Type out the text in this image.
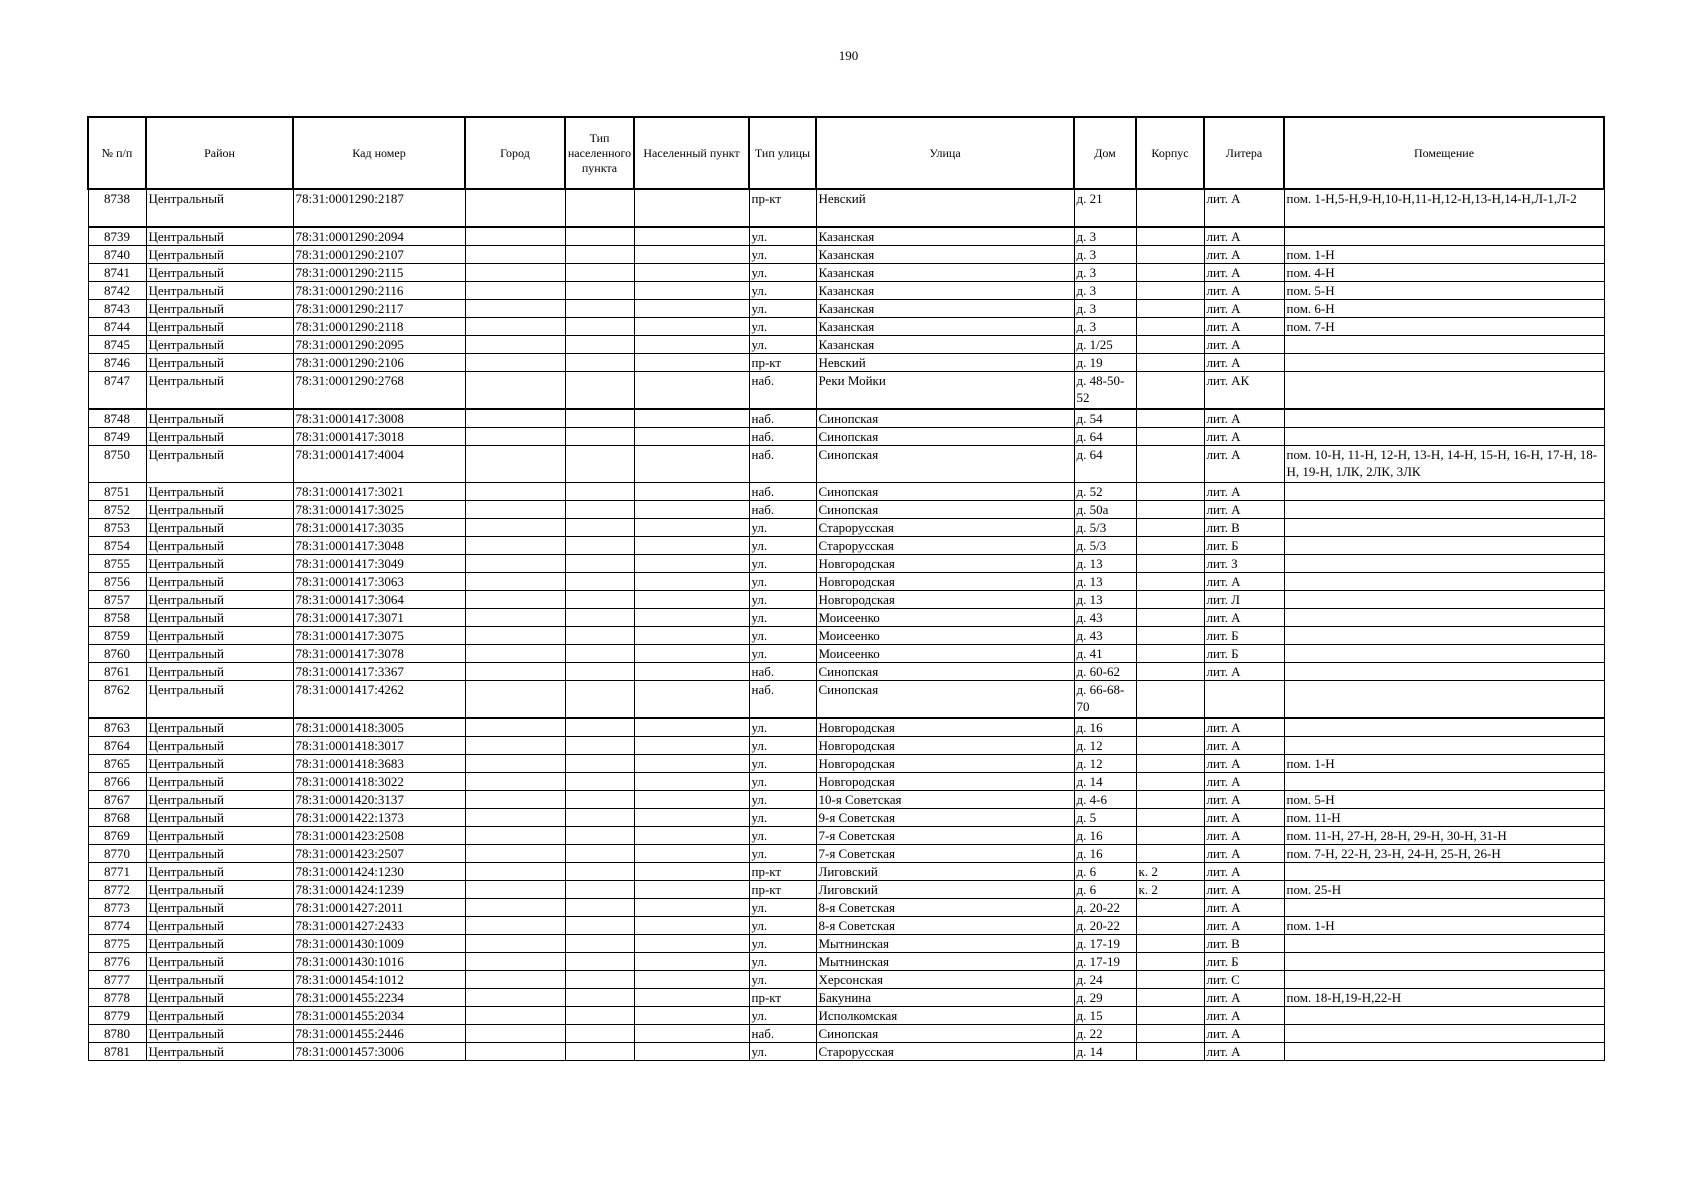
190
№ п/п	Район	Кад номер	Город	Тип населенного пункта	Населенный пункт	Тип улицы	Улица	Дом	Корпус	Литера	Помещение
8738	Центральный	78:31:0001290:2187				пр-кт	Невский	д. 21		лит. А	пом. 1-Н,5-Н,9-Н,10-Н,11-Н,12-Н,13-Н,14-Н,Л-1,Л-2
8739	Центральный	78:31:0001290:2094				ул.	Казанская	д. 3		лит. А	
8740	Центральный	78:31:0001290:2107				ул.	Казанская	д. 3		лит. А	пом. 1-Н
8741	Центральный	78:31:0001290:2115				ул.	Казанская	д. 3		лит. А	пом. 4-Н
8742	Центральный	78:31:0001290:2116				ул.	Казанская	д. 3		лит. А	пом. 5-Н
8743	Центральный	78:31:0001290:2117				ул.	Казанская	д. 3		лит. А	пом. 6-Н
8744	Центральный	78:31:0001290:2118				ул.	Казанская	д. 3		лит. А	пом. 7-Н
8745	Центральный	78:31:0001290:2095				ул.	Казанская	д. 1/25		лит. А	
8746	Центральный	78:31:0001290:2106				пр-кт	Невский	д. 19		лит. А	
8747	Центральный	78:31:0001290:2768				наб.	Реки Мойки	д. 48-50-52		лит. АК	
8748	Центральный	78:31:0001417:3008				наб.	Синопская	д. 54		лит. А	
8749	Центральный	78:31:0001417:3018				наб.	Синопская	д. 64		лит. А	
8750	Центральный	78:31:0001417:4004				наб.	Синопская	д. 64		лит. А	пом. 10-Н, 11-Н, 12-Н, 13-Н, 14-Н, 15-Н, 16-Н, 17-Н, 18-Н, 19-Н, 1ЛК, 2ЛК, 3ЛК
8751	Центральный	78:31:0001417:3021				наб.	Синопская	д. 52		лит. А	
8752	Центральный	78:31:0001417:3025				наб.	Синопская	д. 50а		лит. А	
8753	Центральный	78:31:0001417:3035				ул.	Старорусская	д. 5/3		лит. В	
8754	Центральный	78:31:0001417:3048				ул.	Старорусская	д. 5/3		лит. Б	
8755	Центральный	78:31:0001417:3049				ул.	Новгородская	д. 13		лит. З	
8756	Центральный	78:31:0001417:3063				ул.	Новгородская	д. 13		лит. А	
8757	Центральный	78:31:0001417:3064				ул.	Новгородская	д. 13		лит. Л	
8758	Центральный	78:31:0001417:3071				ул.	Моисеенко	д. 43		лит. А	
8759	Центральный	78:31:0001417:3075				ул.	Моисеенко	д. 43		лит. Б	
8760	Центральный	78:31:0001417:3078				ул.	Моисеенко	д. 41		лит. Б	
8761	Центральный	78:31:0001417:3367				наб.	Синопская	д. 60-62		лит. А	
8762	Центральный	78:31:0001417:4262				наб.	Синопская	д. 66-68-70			
8763	Центральный	78:31:0001418:3005				ул.	Новгородская	д. 16		лит. А	
8764	Центральный	78:31:0001418:3017				ул.	Новгородская	д. 12		лит. А	
8765	Центральный	78:31:0001418:3683				ул.	Новгородская	д. 12		лит. А	пом. 1-Н
8766	Центральный	78:31:0001418:3022				ул.	Новгородская	д. 14		лит. А	
8767	Центральный	78:31:0001420:3137				ул.	10-я Советская	д. 4-6		лит. А	пом. 5-Н
8768	Центральный	78:31:0001422:1373				ул.	9-я Советская	д. 5		лит. А	пом. 11-Н
8769	Центральный	78:31:0001423:2508				ул.	7-я Советская	д. 16		лит. А	пом. 11-Н, 27-Н, 28-Н, 29-Н, 30-Н, 31-Н
8770	Центральный	78:31:0001423:2507				ул.	7-я Советская	д. 16		лит. А	пом. 7-Н, 22-Н, 23-Н, 24-Н, 25-Н, 26-Н
8771	Центральный	78:31:0001424:1230				пр-кт	Лиговский	д. 6	к. 2	лит. А	
8772	Центральный	78:31:0001424:1239				пр-кт	Лиговский	д. 6	к. 2	лит. А	пом. 25-Н
8773	Центральный	78:31:0001427:2011				ул.	8-я Советская	д. 20-22		лит. А	
8774	Центральный	78:31:0001427:2433				ул.	8-я Советская	д. 20-22		лит. А	пом. 1-Н
8775	Центральный	78:31:0001430:1009				ул.	Мытнинская	д. 17-19		лит. В	
8776	Центральный	78:31:0001430:1016				ул.	Мытнинская	д. 17-19		лит. Б	
8777	Центральный	78:31:0001454:1012				ул.	Херсонская	д. 24		лит. С	
8778	Центральный	78:31:0001455:2234				пр-кт	Бакунина	д. 29		лит. А	пом. 18-Н,19-Н,22-Н
8779	Центральный	78:31:0001455:2034				ул.	Исполкомская	д. 15		лит. А	
8780	Центральный	78:31:0001455:2446				наб.	Синопская	д. 22		лит. А	
8781	Центральный	78:31:0001457:3006				ул.	Старорусская	д. 14		лит. А	
